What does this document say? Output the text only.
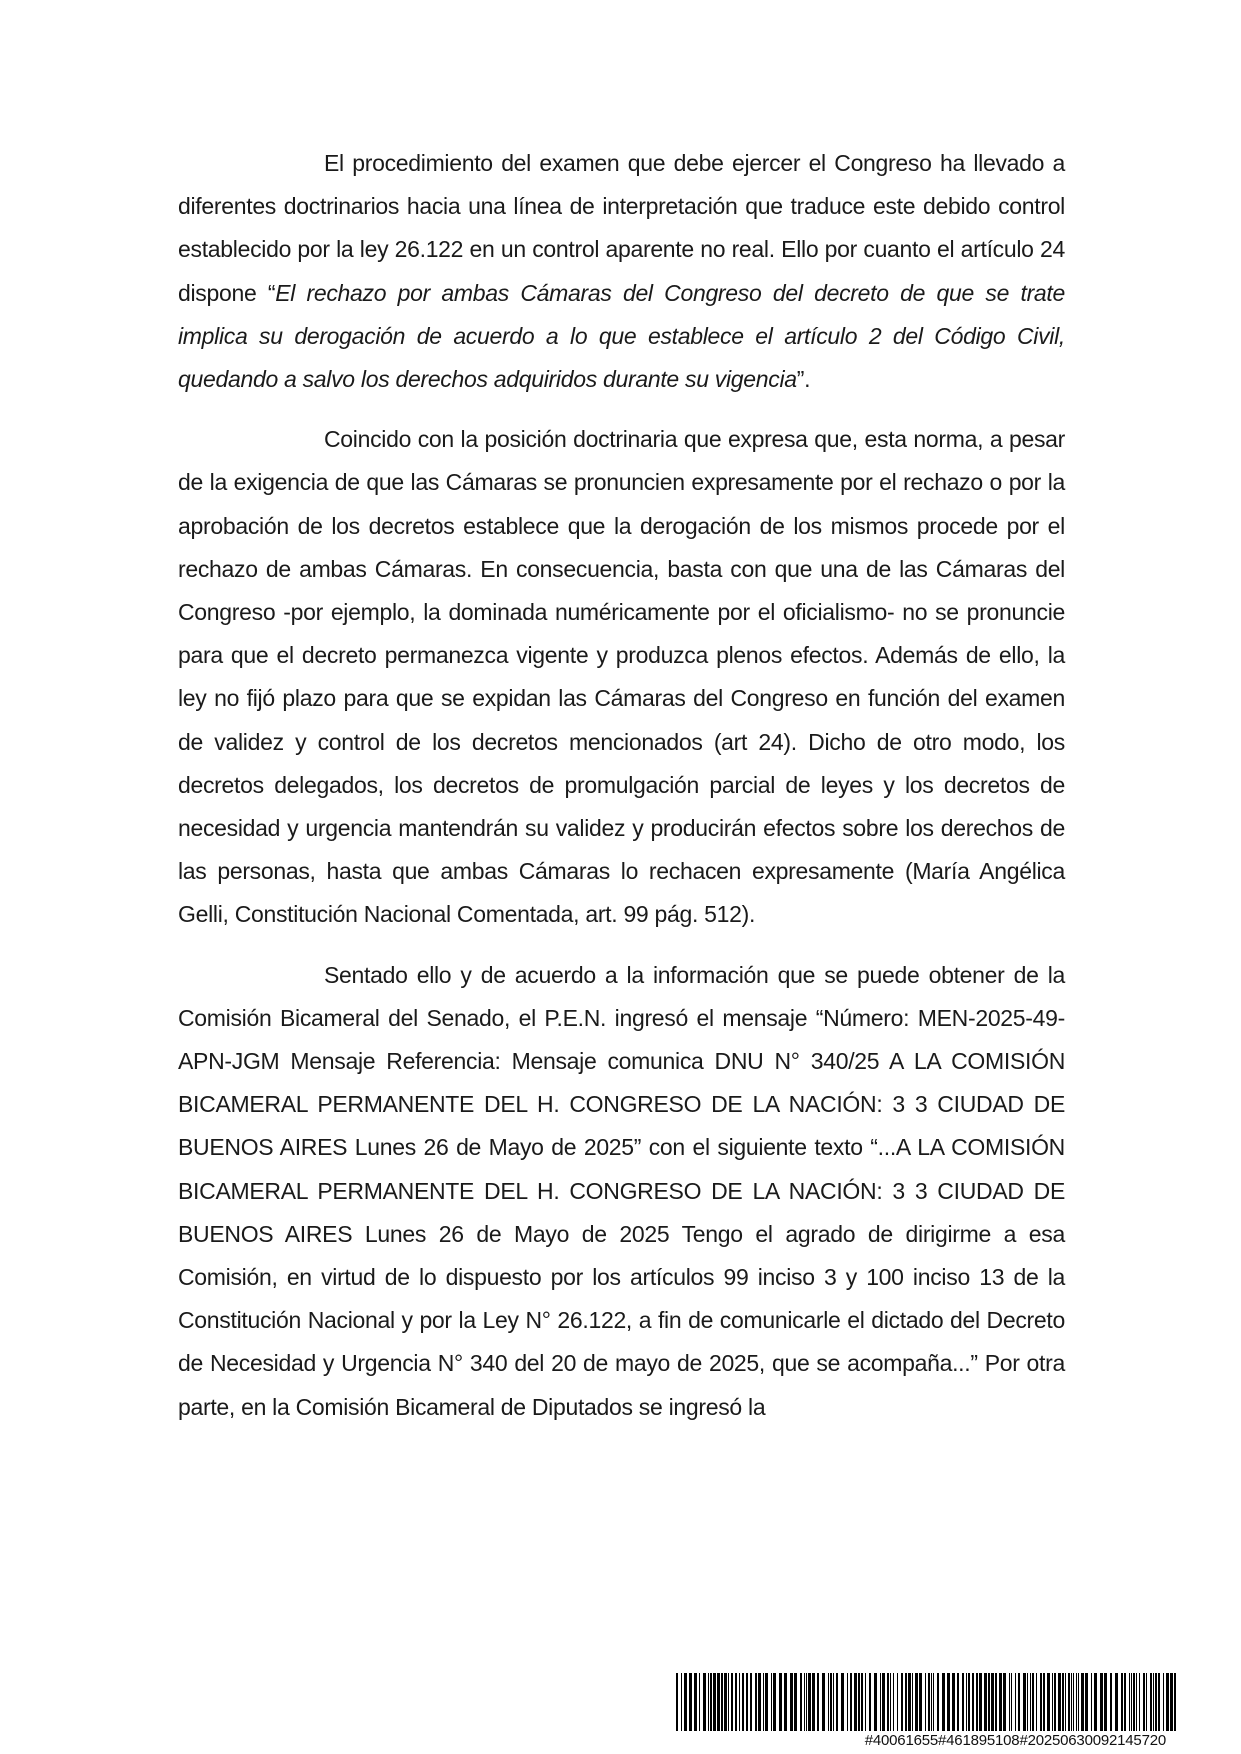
El procedimiento del examen que debe ejercer el Congreso ha llevado a diferentes doctrinarios hacia una línea de interpretación que traduce este debido control establecido por la ley 26.122 en un control aparente no real. Ello por cuanto el artículo 24 dispone “El rechazo por ambas Cámaras del Congreso del decreto de que se trate implica su derogación de acuerdo a lo que establece el artículo 2 del Código Civil, quedando a salvo los derechos adquiridos durante su vigencia”.

Coincido con la posición doctrinaria que expresa que, esta norma, a pesar de la exigencia de que las Cámaras se pronuncien expresamente por el rechazo o por la aprobación de los decretos establece que la derogación de los mismos procede por el rechazo de ambas Cámaras. En consecuencia, basta con que una de las Cámaras del Congreso -por ejemplo, la dominada numéricamente por el oficialismo- no se pronuncie para que el decreto permanezca vigente y produzca plenos efectos. Además de ello, la ley no fijó plazo para que se expidan las Cámaras del Congreso en función del examen de validez y control de los decretos mencionados (art 24). Dicho de otro modo, los decretos delegados, los decretos de promulgación parcial de leyes y los decretos de necesidad y urgencia mantendrán su validez y producirán efectos sobre los derechos de las personas, hasta que ambas Cámaras lo rechacen expresamente (María Angélica Gelli, Constitución Nacional Comentada, art. 99 pág. 512).

Sentado ello y de acuerdo a la información que se puede obtener de la Comisión Bicameral del Senado, el P.E.N. ingresó el mensaje “Número: MEN-2025-49-APN-JGM Mensaje Referencia: Mensaje comunica DNU N° 340/25 A LA COMISIÓN BICAMERAL PERMANENTE DEL H. CONGRESO DE LA NACIÓN: 3 3 CIUDAD DE BUENOS AIRES Lunes 26 de Mayo de 2025” con el siguiente texto “...A LA COMISIÓN BICAMERAL PERMANENTE DEL H. CONGRESO DE LA NACIÓN: 3 3 CIUDAD DE BUENOS AIRES Lunes 26 de Mayo de 2025 Tengo el agrado de dirigirme a esa Comisión, en virtud de lo dispuesto por los artículos 99 inciso 3 y 100 inciso 13 de la Constitución Nacional y por la Ley N° 26.122, a fin de comunicarle el dictado del Decreto de Necesidad y Urgencia N° 340 del 20 de mayo de 2025, que se acompaña...” Por otra parte, en la Comisión Bicameral de Diputados se ingresó la

#40061655#461895108#20250630092145720
